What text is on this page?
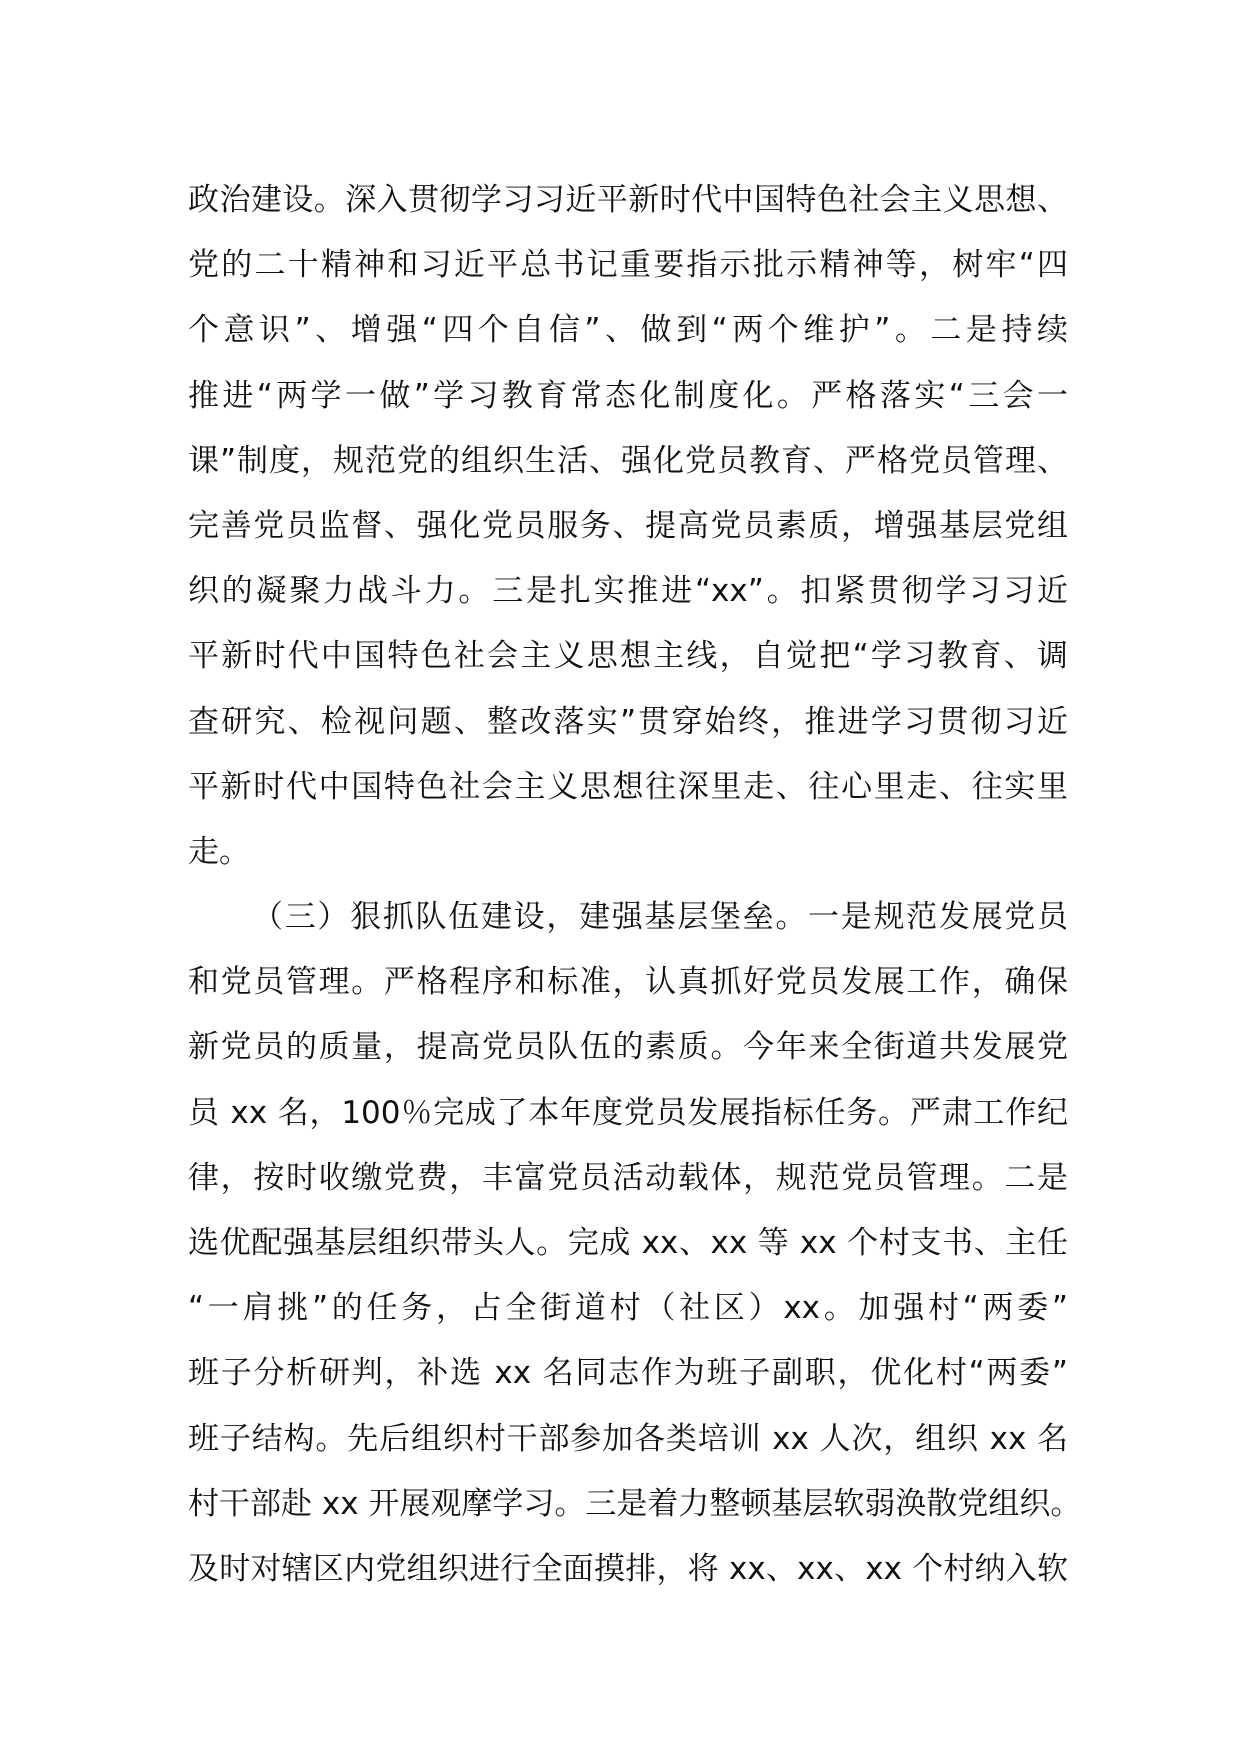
政治建设。深入贯彻学习习近平新时代中国特色社会主义思想、
党的二十精神和习近平总书记重要指示批示精神等，树牢“四
个意识”、增强“四个自信”、做到“两个维护”。二是持续
推进“两学一做”学习教育常态化制度化。严格落实“三会一
课”制度，规范党的组织生活、强化党员教育、严格党员管理、
完善党员监督、强化党员服务、提高党员素质，增强基层党组
织的凝聚力战斗力。三是扎实推进“xx”。扣紧贯彻学习习近
平新时代中国特色社会主义思想主线，自觉把“学习教育、调
查研究、检视问题、整改落实”贯穿始终，推进学习贯彻习近
平新时代中国特色社会主义思想往深里走、往心里走、往实里
走。
（三）狠抓队伍建设，建强基层堡垒。一是规范发展党员
和党员管理。严格程序和标准，认真抓好党员发展工作，确保
新党员的质量，提高党员队伍的素质。今年来全街道共发展党
员 xx 名，100％完成了本年度党员发展指标任务。严肃工作纪
律，按时收缴党费，丰富党员活动载体，规范党员管理。二是
选优配强基层组织带头人。完成 xx、xx 等 xx 个村支书、主任
“一肩挑”的任务，占全街道村（社区）xx。加强村“两委”
班子分析研判，补选 xx 名同志作为班子副职，优化村“两委”
班子结构。先后组织村干部参加各类培训 xx 人次，组织 xx 名
村干部赴 xx 开展观摩学习。三是着力整顿基层软弱涣散党组织。
及时对辖区内党组织进行全面摸排，将 xx、xx、xx 个村纳入软
